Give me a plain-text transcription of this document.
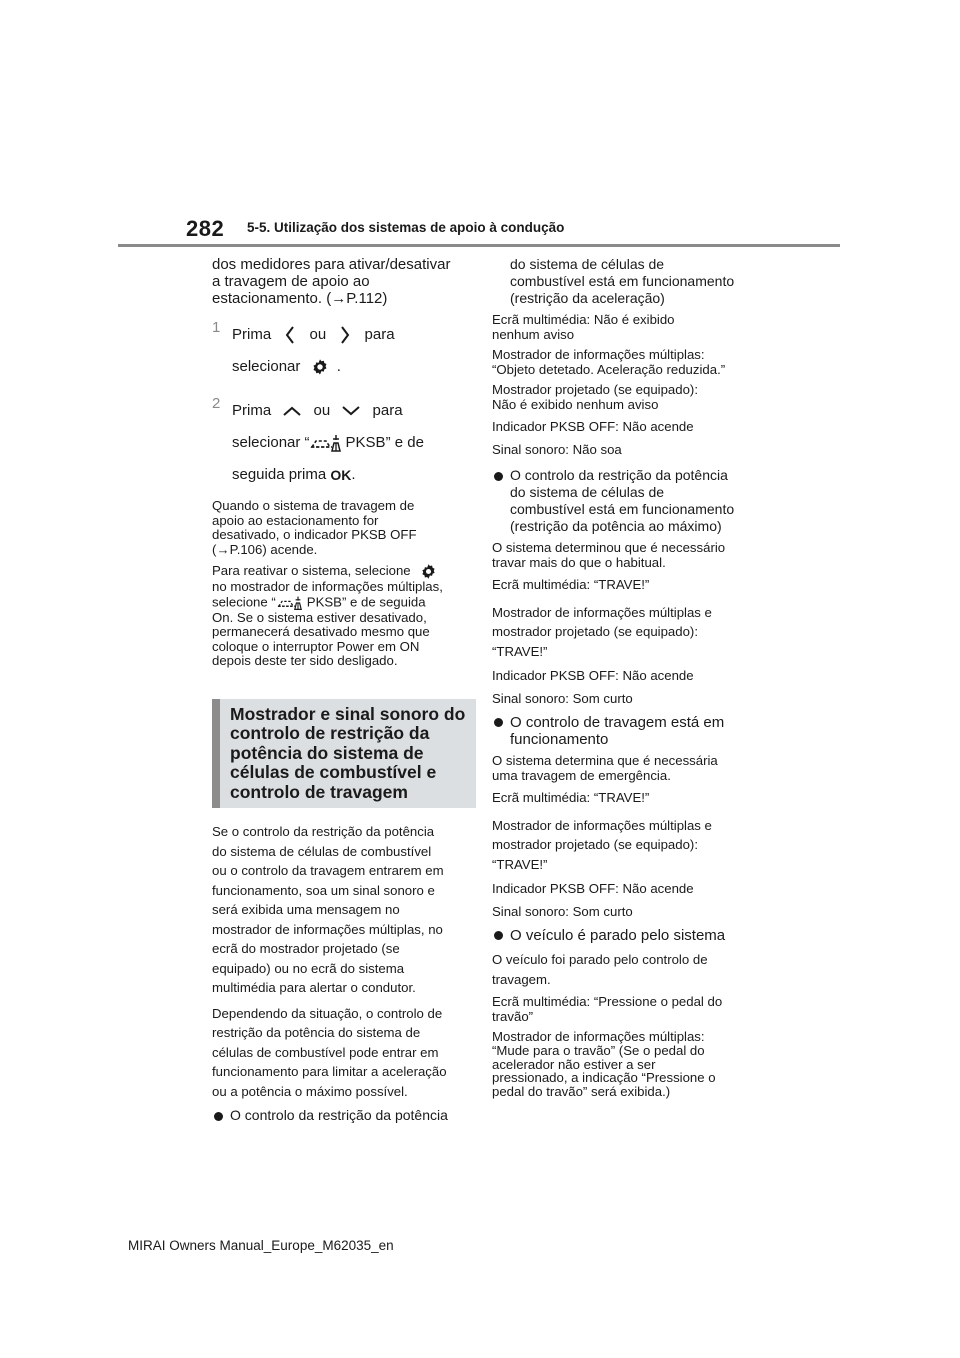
282 5-5. Utilização dos sistemas de apoio à condução
dos medidores para ativar/desativar
a travagem de apoio ao
estacionamento. (→P.112)
1 Prima	ou	para
selecionar .
2 Prima	ou	para
selecionar “ PKSB” e de
seguida prima OK.
Quando o sistema de travagem de
apoio ao estacionamento for
desativado, o indicador PKSB OFF
(→P.106) acende.
Para reativar o sistema, selecione

no mostrador de informações múltiplas,
selecione “ PKSB” e de seguida
On. Se o sistema estiver desativado,
permanecerá desativado mesmo que
coloque o interruptor Power em ON
depois deste ter sido desligado.
Mostrador e sinal sonoro do
controlo de restrição da
potência do sistema de
células de combustível e
controlo de travagem
Se o controlo da restrição da potência
do sistema de células de combustível
ou o controlo da travagem entrarem em
funcionamento, soa um sinal sonoro e
será exibida uma mensagem no
mostrador de informações múltiplas, no
ecrã do mostrador projetado (se
equipado) ou no ecrã do sistema
multimédia para alertar o condutor.
Dependendo da situação, o controlo de
restrição da potência do sistema de
células de combustível pode entrar em
funcionamento para limitar a aceleração
ou a potência o máximo possível.
O controlo da restrição da potência
do sistema de células de
combustível está em funcionamento
(restrição da aceleração)
Ecrã multimédia: Não é exibido
nenhum aviso
Mostrador de informações múltiplas:
“Objeto detetado. Aceleração reduzida.”
Mostrador projetado (se equipado):
Não é exibido nenhum aviso
Indicador PKSB OFF: Não acende
Sinal sonoro: Não soa
O controlo da restrição da potência
do sistema de células de
combustível está em funcionamento
(restrição da potência ao máximo)
O sistema determinou que é necessário
travar mais do que o habitual.
Ecrã multimédia: “TRAVE!”
Mostrador de informações múltiplas e
mostrador projetado (se equipado):
“TRAVE!”
Indicador PKSB OFF: Não acende
Sinal sonoro: Som curto
O controlo de travagem está em
funcionamento
O sistema determina que é necessária
uma travagem de emergência.
Ecrã multimédia: “TRAVE!”
Mostrador de informações múltiplas e
mostrador projetado (se equipado):
“TRAVE!”
Indicador PKSB OFF: Não acende
Sinal sonoro: Som curto
O veículo é parado pelo sistema
O veículo foi parado pelo controlo de
travagem.
Ecrã multimédia: “Pressione o pedal do
travão”
Mostrador de informações múltiplas:
“Mude para o travão” (Se o pedal do
acelerador não estiver a ser
pressionado, a indicação “Pressione o
pedal do travão” será exibida.)
MIRAI Owners Manual_Europe_M62035_en
